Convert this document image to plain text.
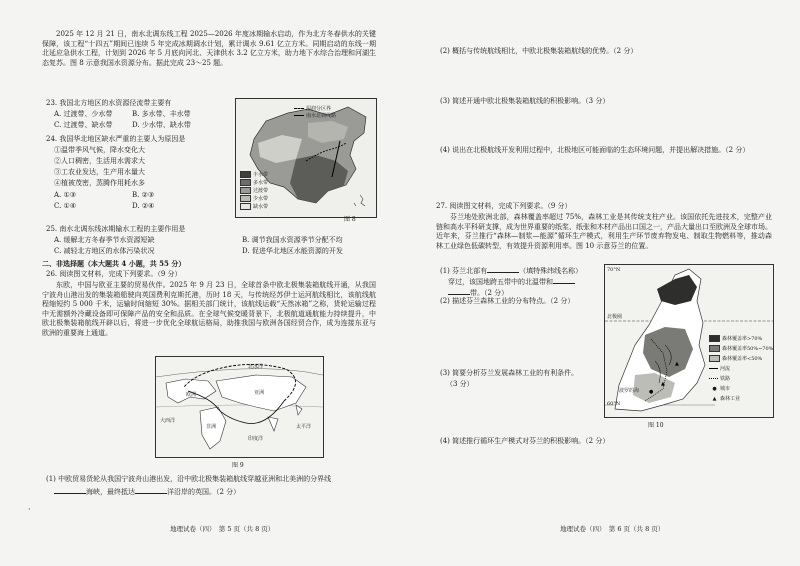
2025 年 12 月 21 日，南水北调东线工程 2025—2026 年度冰期输水启动，作为北方冬春供水的关键保障，该工程“十四五”期间已连续 5 年完成冰期调水计划，累计调水 9.61 亿立方米。同期启动的东线一期北延应急供水工程，计划到 2026 年 5 月底向河北、天津供水 3.2 亿立方米，助力地下水综合治理和河湖生态复苏。图 8 示意我国水资源分布。据此完成 23～25 题。
23. 我国北方地区的水资源径流带主要有
A. 过渡带、少水带	B. 多水带、丰水带
C. 过渡带、缺水带	D. 少水带、缺水带
24. 我国华北地区缺水严重的主要人为原因是
①温带季风气候，降水变化大
②人口稠密，生活用水需求大
③工农业发达，生产用水量大
④植被茂密，蒸腾作用耗水多
A. ①③	B. ②③
C. ①④	D. ②④
湿润分区界
南水北调线路
丰水带
多水带
过渡带
少水带
缺水带
图 8
25. 南水北调东线冰期输水工程的主要作用是
A. 缓解北方冬春季节水资源短缺	B. 调节我国水资源季节分配不均
C. 减轻北方地区的水体污染状况	D. 促进华北地区水能资源的开发
二、非选择题（本大题共 4 小题，共 55 分）
26. 阅读图文材料，完成下列要求。（9 分）
东欧，中国与欧亚主要的贸易伙伴。2025 年 9 月 23 日，全球首条中欧北极集装箱航线开通，从我国宁波舟山港出发的集装箱船驶向英国费利克斯托港，历时 18 天，与传统经苏伊士运河航线相比，该航线航程缩短约 5 000 千米，运输时间缩短 30%。据相关部门统计，该航线运载“天然冰箱”之称，货轮运输过程中无需额外冷藏设备即可保障产品的安全和品质。在全球气候变暖背景下，北极航道通航能力持续提升，中欧北极集装箱航线开辟以后，将进一步优化全球航运格局，助推我国与欧洲各国经贸合作，成为连接东亚与欧洲的重要海上通道。
北冰洋
欧洲	亚洲
非洲
大西洋
印度洋
太平洋
图 9
(1) 中欧贸易货轮从我国宁波舟山港出发，沿中欧北极集装箱航线穿越亚洲和北美洲的分界线
海峡，最终抵达	洋沿岸的英国。（2 分）
·
地理试卷（四）　第 5 页（共 8 页）
(2) 概括与传统航线相比，中欧北极集装箱航线的优势。（2 分）
(3) 简述开通中欧北极集装箱航线的积极影响。（3 分）
(4) 说出在北极航线开发利用过程中，北极地区可能面临的生态环境问题，并提出解决措施。（2 分）
27. 阅读图文材料，完成下列要求。（9 分）
芬兰地处欧洲北部，森林覆盖率超过 75%，森林工业是其传统支柱产业。该国依托先进技术，完整产业链和高水平科研支撑，成为世界重要的纸浆、纸张和木材产品出口国之一，产品大量出口至欧洲及全球市场。近年来，芬兰推行“森林—制浆—能源”循环生产模式，利用生产环节废弃物发电、制取生物燃料等，推动森林工业绿色低碳转型，有效提升资源利用率。图 10 示意芬兰的位置。
(1) 芬兰北部有	（填特殊纬线名称）
穿过，该国地跨五带中的北温带和
带。（2 分）
(2) 描述芬兰森林工业的分布特点。（2 分）
(3) 简要分析芬兰发展森林工业的有利条件。
（3 分）
(4) 简述推行循环生产模式对芬兰的积极影响。（2 分）
▲
▲
●
70°N
北极圈
60°N
波罗的海
森林覆盖率>70%
森林覆盖率50%~70%
森林覆盖率<50%
河流
铁路
● 城市
▲ 森林工业
图 10
地理试卷（四）　第 6 页（共 8 页）
